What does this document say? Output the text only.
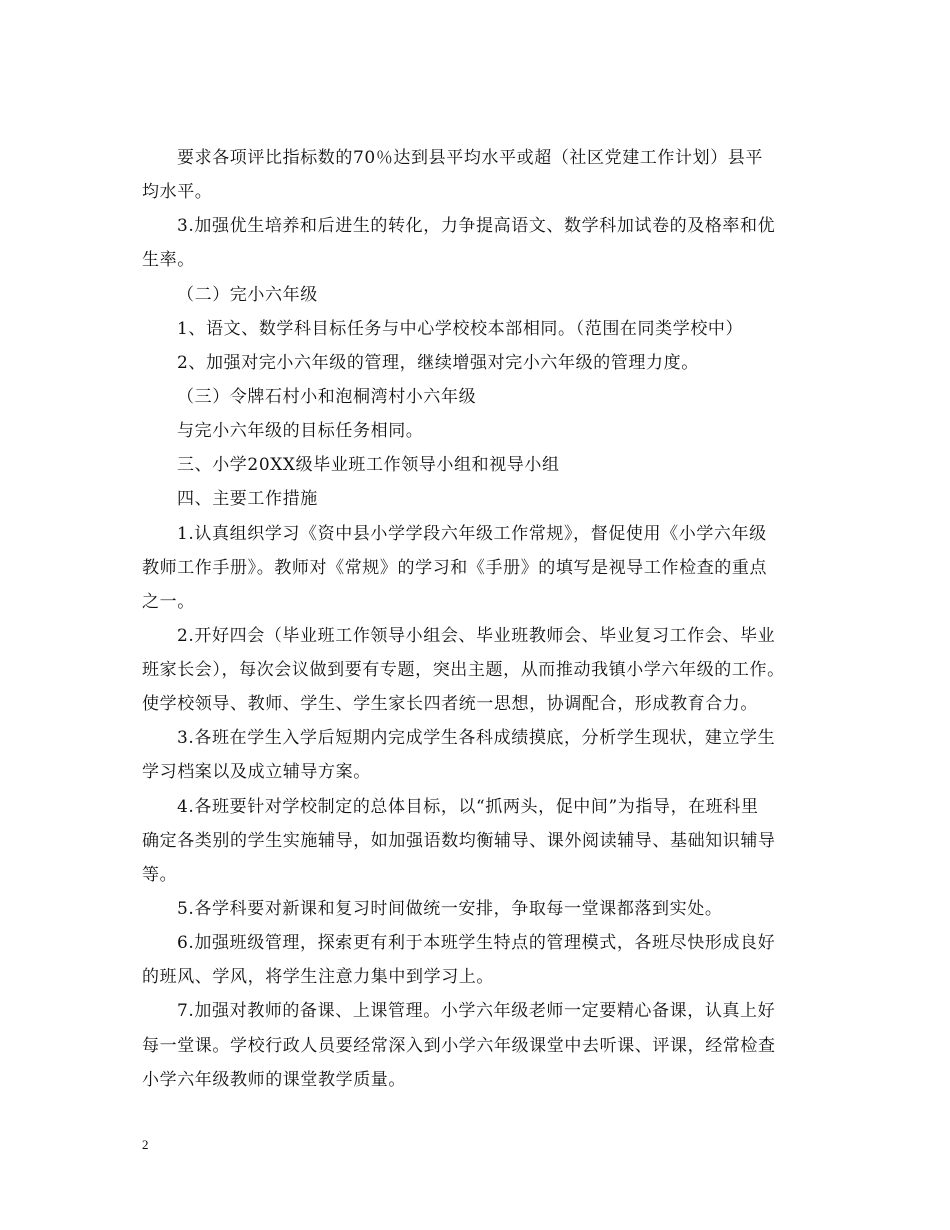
要求各项评比指标数的70％达到县平均水平或超（社区党建工作计划）县平
均水平。
3.加强优生培养和后进生的转化，力争提高语文、数学科加试卷的及格率和优
生率。
（二）完小六年级
1、语文、数学科目标任务与中心学校校本部相同。（范围在同类学校中）
2、加强对完小六年级的管理，继续增强对完小六年级的管理力度。
（三）令牌石村小和泡桐湾村小六年级
与完小六年级的目标任务相同。
三、小学20XX级毕业班工作领导小组和视导小组
四、主要工作措施
1.认真组织学习《资中县小学学段六年级工作常规》，督促使用《小学六年级
教师工作手册》。教师对《常规》的学习和《手册》的填写是视导工作检查的重点
之一。
2.开好四会（毕业班工作领导小组会、毕业班教师会、毕业复习工作会、毕业
班家长会），每次会议做到要有专题，突出主题，从而推动我镇小学六年级的工作。
使学校领导、教师、学生、学生家长四者统一思想，协调配合，形成教育合力。
3.各班在学生入学后短期内完成学生各科成绩摸底，分析学生现状，建立学生
学习档案以及成立辅导方案。
4.各班要针对学校制定的总体目标，以“抓两头，促中间”为指导，在班科里
确定各类别的学生实施辅导，如加强语数均衡辅导、课外阅读辅导、基础知识辅导
等。
5.各学科要对新课和复习时间做统一安排，争取每一堂课都落到实处。
6.加强班级管理，探索更有利于本班学生特点的管理模式，各班尽快形成良好
的班风、学风，将学生注意力集中到学习上。
7.加强对教师的备课、上课管理。小学六年级老师一定要精心备课，认真上好
每一堂课。学校行政人员要经常深入到小学六年级课堂中去听课、评课，经常检查
小学六年级教师的课堂教学质量。
2
